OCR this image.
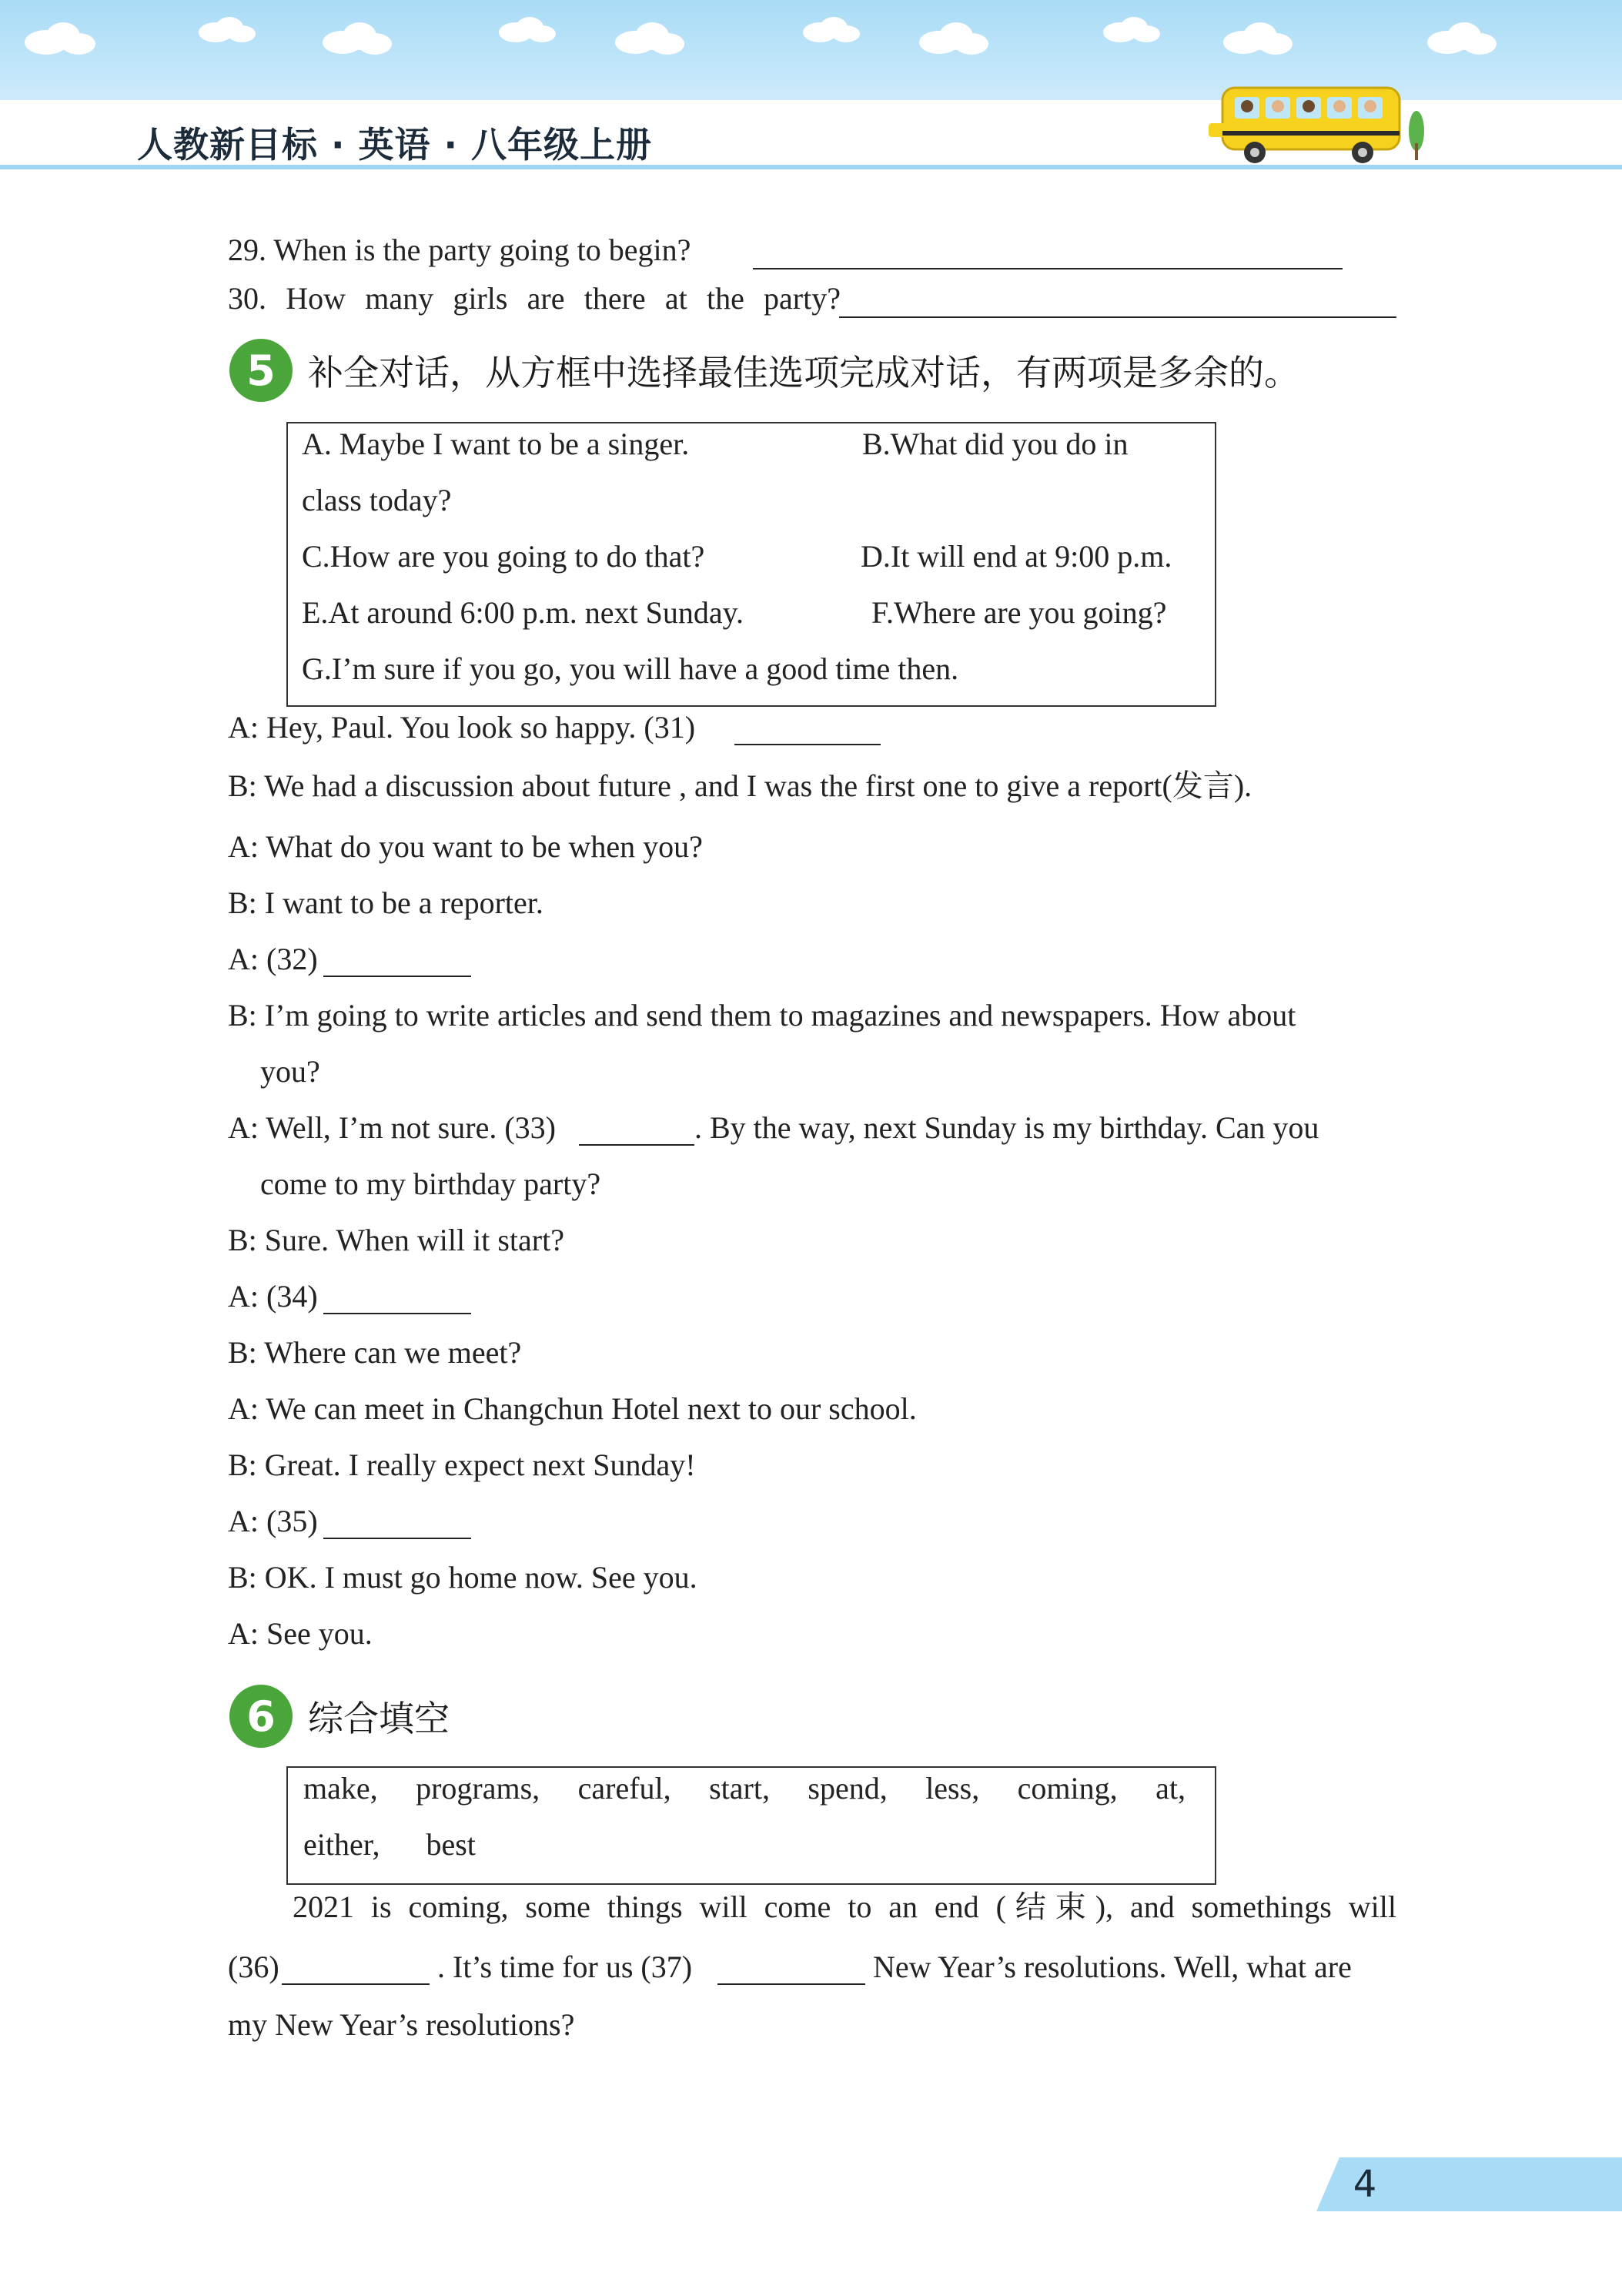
人教新目标 · 英语 · 八年级上册
29. When is the party going to begin?
30. How many girls are there at the party?
5 补全对话，从方框中选择最佳选项完成对话，有两项是多余的。
A. Maybe I want to be a singer.	B.What did you do in
class today?
C.How are you going to do that?	D.It will end at 9:00 p.m.
E.At around 6:00 p.m. next Sunday.	F.Where are you going?
G.I’m sure if you go, you will have a good time then.
A: Hey, Paul. You look so happy. (31)
B: We had a discussion about future , and I was the first one to give a report(发言).
A: What do you want to be when you?
B: I want to be a reporter.
A: (32)
B: I’m going to write articles and send them to magazines and newspapers. How about
you?
A: Well, I’m not sure. (33)	. By the way, next Sunday is my birthday. Can you
come to my birthday party?
B: Sure. When will it start?
A: (34)
B: Where can we meet?
A: We can meet in Changchun Hotel next to our school.
B: Great. I really expect next Sunday!
A: (35)
B: OK. I must go home now. See you.
A: See you.
6 综合填空
make, programs, careful, start, spend, less, coming, at,
either, best
2021 is coming, some things will come to an end (结束), and somethings will
(36)	. It’s time for us (37)	New Year’s resolutions. Well, what are
my New Year’s resolutions?
4
